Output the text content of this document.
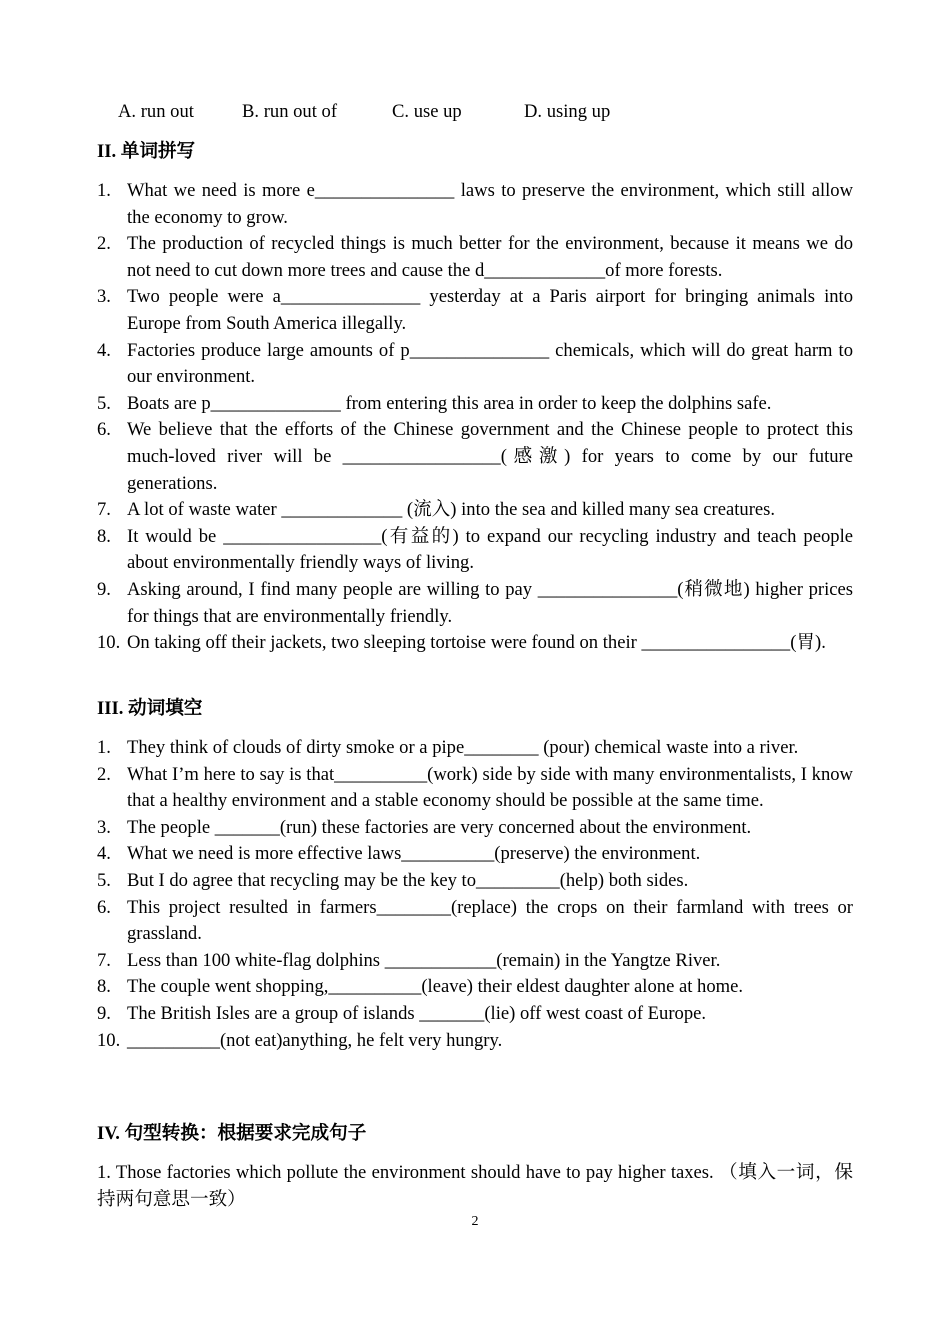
A. run out	B. run out of	C. use up	D. using up
II. 单词拼写
1. What we need is more e_______________ laws to preserve the environment, which still allow the economy to grow.
2. The production of recycled things is much better for the environment, because it means we do not need to cut down more trees and cause the d_____________of more forests.
3. Two people were a_______________ yesterday at a Paris airport for bringing animals into Europe from South America illegally.
4. Factories produce large amounts of p_______________ chemicals, which will do great harm to our environment.
5. Boats are p______________ from entering this area in order to keep the dolphins safe.
6. We believe that the efforts of the Chinese government and the Chinese people to protect this much-loved river will be _________________(感激) for years to come by our future generations.
7. A lot of waste water _____________ (流入) into the sea and killed many sea creatures.
8. It would be _________________(有益的) to expand our recycling industry and teach people about environmentally friendly ways of living.
9. Asking around, I find many people are willing to pay _______________(稍微地) higher prices for things that are environmentally friendly.
10. On taking off their jackets, two sleeping tortoise were found on their ________________(胃).
III. 动词填空
1. They think of clouds of dirty smoke or a pipe________ (pour) chemical waste into a river.
2. What I’m here to say is that__________(work) side by side with many environmentalists, I know that a healthy environment and a stable economy should be possible at the same time.
3. The people _______(run) these factories are very concerned about the environment.
4. What we need is more effective laws__________(preserve) the environment.
5. But I do agree that recycling may be the key to_________(help) both sides.
6. This project resulted in farmers________(replace) the crops on their farmland with trees or grassland.
7. Less than 100 white-flag dolphins ____________(remain) in the Yangtze River.
8. The couple went shopping,__________(leave) their eldest daughter alone at home.
9. The British Isles are a group of islands _______(lie) off west coast of Europe.
10. __________(not eat)anything, he felt very hungry.
IV. 句型转换：根据要求完成句子
1. Those factories which pollute the environment should have to pay higher taxes. （填入一词，保持两句意思一致）
2
